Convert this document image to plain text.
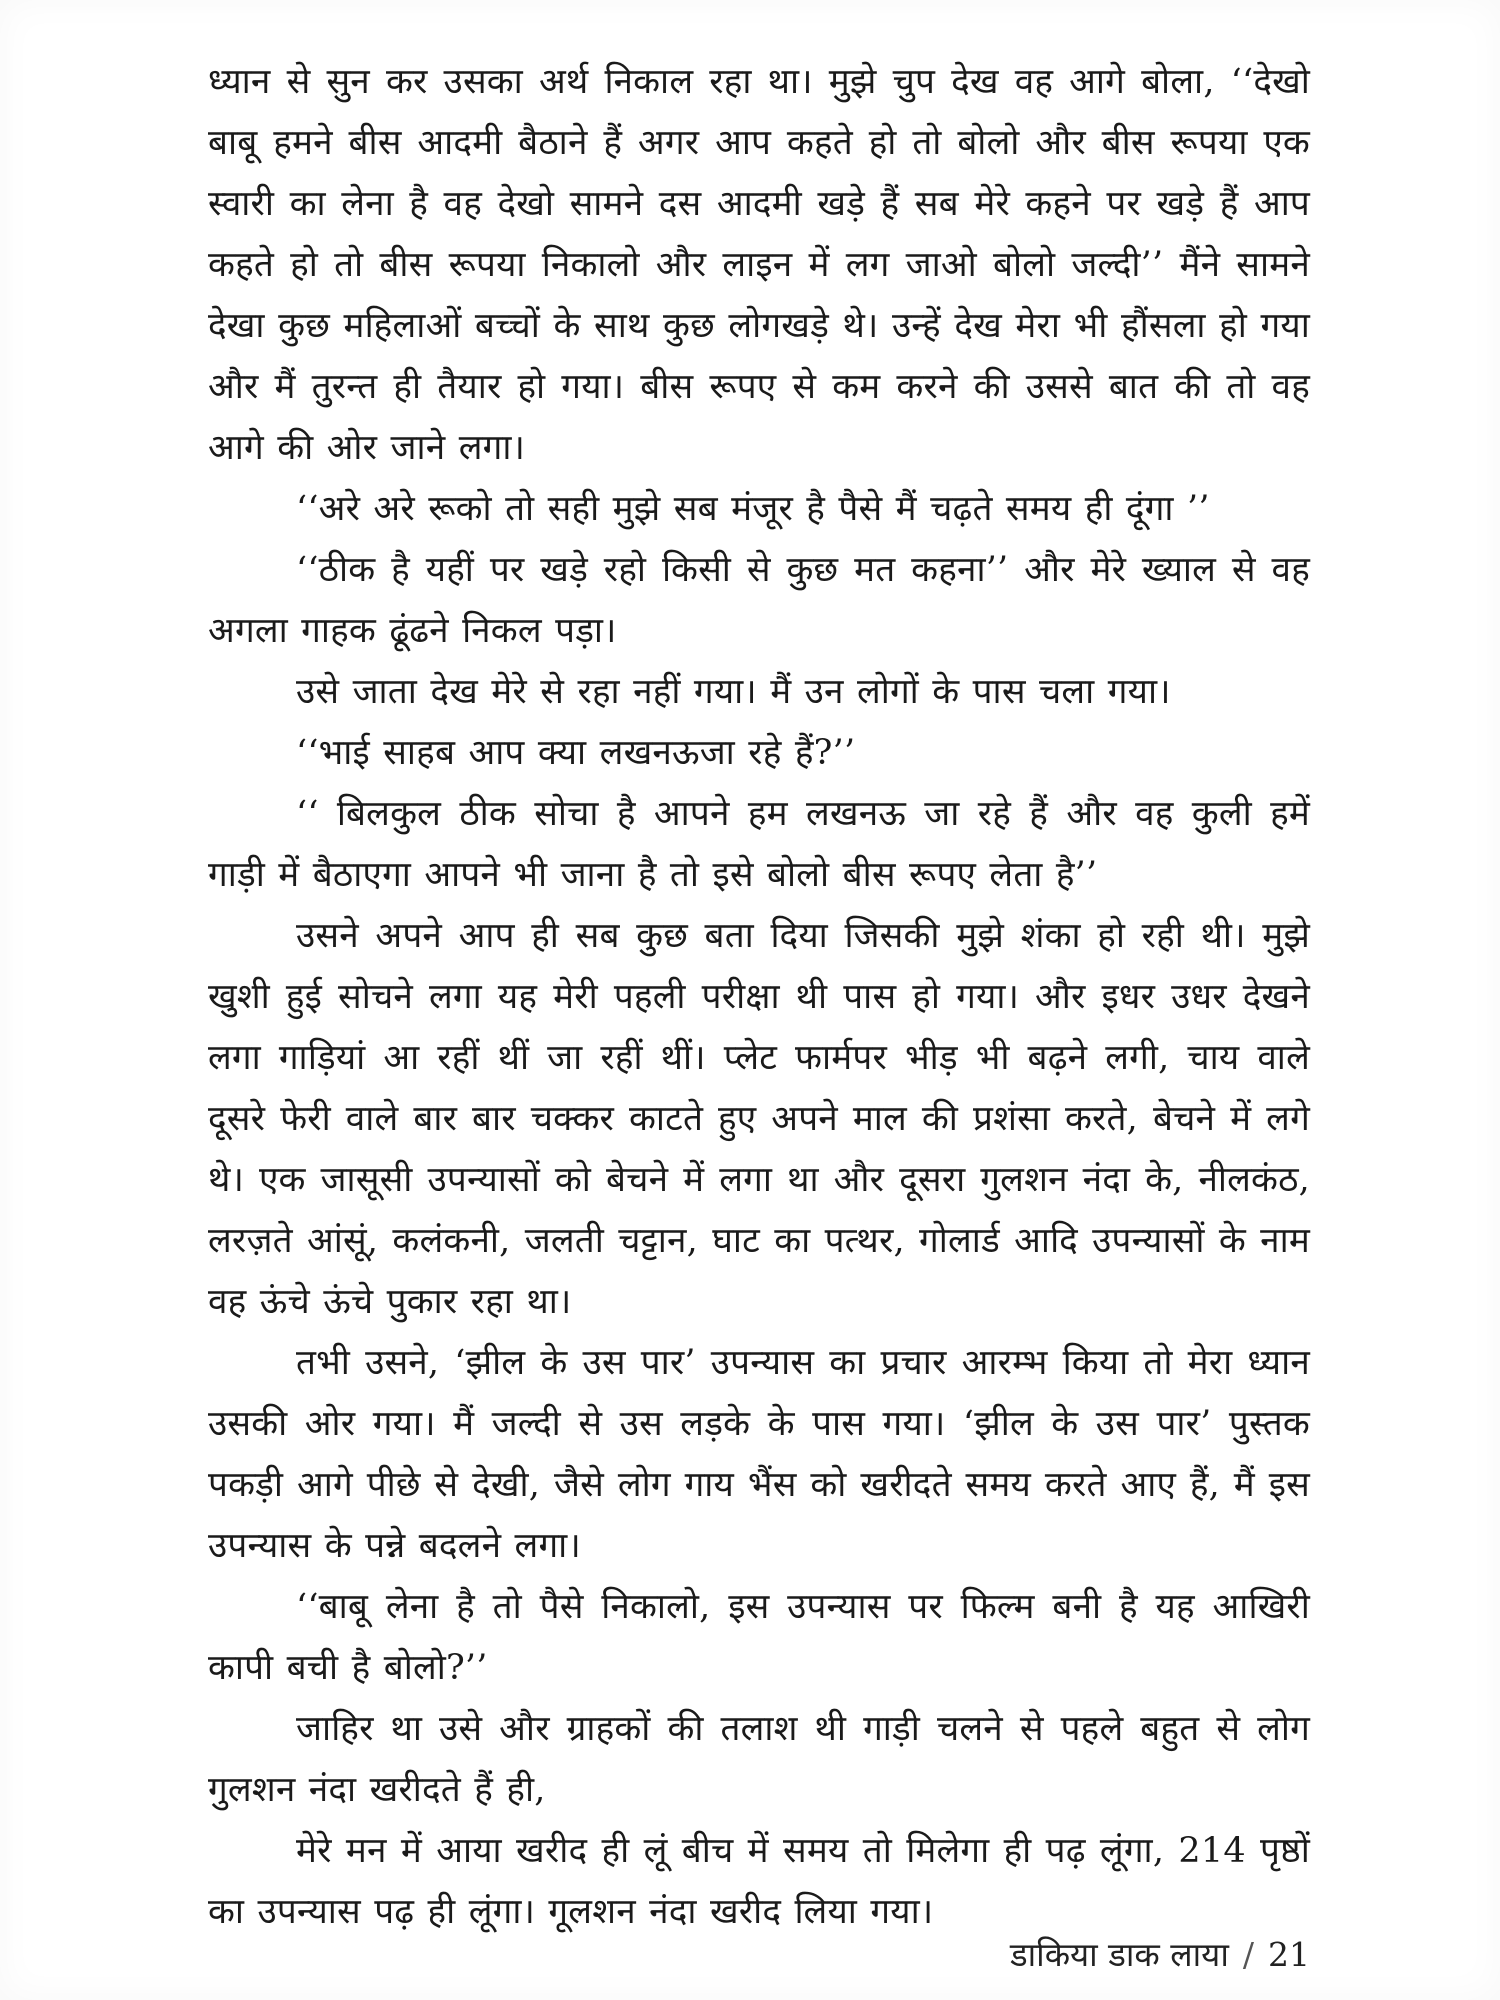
ध्यान से सुन कर उसका अर्थ निकाल रहा था। मुझे चुप देख वह आगे बोला, ‘‘देखो बाबू हमने बीस आदमी बैठाने हैं अगर आप कहते हो तो बोलो और बीस रूपया एक स्वारी का लेना है वह देखो सामने दस आदमी खड़े हैं सब मेरे कहने पर खड़े हैं आप कहते हो तो बीस रूपया निकालो और लाइन में लग जाओ बोलो जल्दी’’ मैंने सामने देखा कुछ महिलाओं बच्चों के साथ कुछ लोगखड़े थे। उन्हें देख मेरा भी हौंसला हो गया और मैं तुरन्त ही तैयार हो गया। बीस रूपए से कम करने की उससे बात की तो वह आगे की ओर जाने लगा।

‘‘अरे अरे रूको तो सही मुझे सब मंजूर है पैसे मैं चढ़ते समय ही दूंगा ’’

‘‘ठीक है यहीं पर खड़े रहो किसी से कुछ मत कहना’’ और मेरे ख्याल से वह अगला गाहक ढूंढने निकल पड़ा।

उसे जाता देख मेरे से रहा नहीं गया। मैं उन लोगों के पास चला गया।

‘‘भाई साहब आप क्या लखनऊजा रहे हैं?’’

‘‘ बिलकुल ठीक सोचा है आपने हम लखनऊ जा रहे हैं और वह कुली हमें गाड़ी में बैठाएगा आपने भी जाना है तो इसे बोलो बीस रूपए लेता है’’

उसने अपने आप ही सब कुछ बता दिया जिसकी मुझे शंका हो रही थी। मुझे खुशी हुई सोचने लगा यह मेरी पहली परीक्षा थी पास हो गया। और इधर उधर देखने लगा गाड़ियां आ रहीं थीं जा रहीं थीं। प्लेट फार्मपर भीड़ भी बढ़ने लगी, चाय वाले दूसरे फेरी वाले बार बार चक्कर काटते हुए अपने माल की प्रशंसा करते, बेचने में लगे थे। एक जासूसी उपन्यासों को बेचने में लगा था और दूसरा गुलशन नंदा के, नीलकंठ, लरज़ते आंसूं, कलंकनी, जलती चट्टान, घाट का पत्थर, गोलार्ड आदि उपन्यासों के नाम वह ऊंचे ऊंचे पुकार रहा था।

तभी उसने, ‘झील के उस पार’ उपन्यास का प्रचार आरम्भ किया तो मेरा ध्यान उसकी ओर गया। मैं जल्दी से उस लड़के के पास गया। ‘झील के उस पार’ पुस्तक पकड़ी आगे पीछे से देखी, जैसे लोग गाय भैंस को खरीदते समय करते आए हैं, मैं इस उपन्यास के पन्ने बदलने लगा।

‘‘बाबू लेना है तो पैसे निकालो, इस उपन्यास पर फिल्म बनी है यह आखिरी कापी बची है बोलो?’’

जाहिर था उसे और ग्राहकों की तलाश थी गाड़ी चलने से पहले बहुत से लोग गुलशन नंदा खरीदते हैं ही,

मेरे मन में आया खरीद ही लूं बीच में समय तो मिलेगा ही पढ़ लूंगा, 214 पृष्ठों का उपन्यास पढ़ ही लूंगा। गूलशन नंदा खरीद लिया गया।

डाकिया डाक लाया / 21
